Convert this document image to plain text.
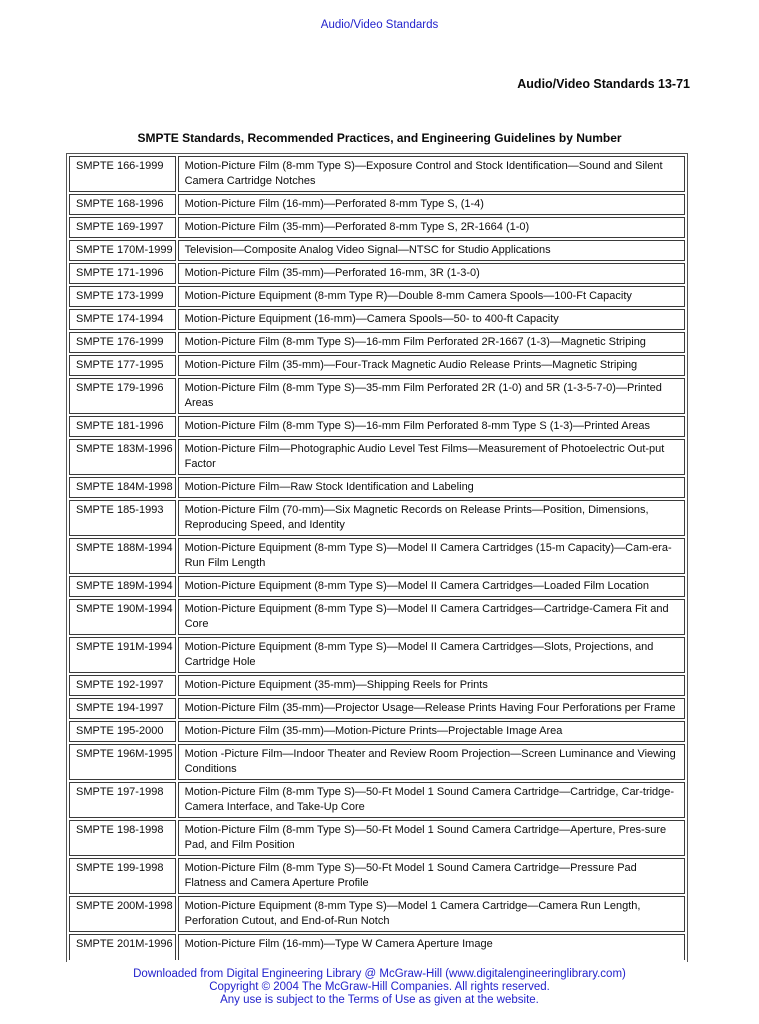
Audio/Video Standards
Audio/Video Standards 13-71
SMPTE Standards, Recommended Practices, and Engineering Guidelines by Number
SMPTE 166-1999	Motion-Picture Film (8-mm Type S)—Exposure Control and Stock Identification—Sound and Silent Camera Cartridge Notches
SMPTE 168-1996	Motion-Picture Film (16-mm)—Perforated 8-mm Type S, (1-4)
SMPTE 169-1997	Motion-Picture Film (35-mm)—Perforated 8-mm Type S, 2R-1664 (1-0)
SMPTE 170M-1999	Television—Composite Analog Video Signal—NTSC for Studio Applications
SMPTE 171-1996	Motion-Picture Film (35-mm)—Perforated 16-mm, 3R (1-3-0)
SMPTE 173-1999	Motion-Picture Equipment (8-mm Type R)—Double 8-mm Camera Spools—100-Ft Capacity
SMPTE 174-1994	Motion-Picture Equipment (16-mm)—Camera Spools—50- to 400-ft Capacity
SMPTE 176-1999	Motion-Picture Film (8-mm Type S)—16-mm Film Perforated 2R-1667 (1-3)—Magnetic Striping
SMPTE 177-1995	Motion-Picture Film (35-mm)—Four-Track Magnetic Audio Release Prints—Magnetic Striping
SMPTE 179-1996	Motion-Picture Film (8-mm Type S)—35-mm Film Perforated 2R (1-0) and 5R (1-3-5-7-0)—Printed Areas
SMPTE 181-1996	Motion-Picture Film (8-mm Type S)—16-mm Film Perforated 8-mm Type S (1-3)—Printed Areas
SMPTE 183M-1996	Motion-Picture Film—Photographic Audio Level Test Films—Measurement of Photoelectric Out-put Factor
SMPTE 184M-1998	Motion-Picture Film—Raw Stock Identification and Labeling
SMPTE 185-1993	Motion-Picture Film (70-mm)—Six Magnetic Records on Release Prints—Position, Dimensions, Reproducing Speed, and Identity
SMPTE 188M-1994	Motion-Picture Equipment (8-mm Type S)—Model II Camera Cartridges (15-m Capacity)—Cam-era-Run Film Length
SMPTE 189M-1994	Motion-Picture Equipment (8-mm Type S)—Model II Camera Cartridges—Loaded Film Location
SMPTE 190M-1994	Motion-Picture Equipment (8-mm Type S)—Model II Camera Cartridges—Cartridge-Camera Fit and Core
SMPTE 191M-1994	Motion-Picture Equipment (8-mm Type S)—Model II Camera Cartridges—Slots, Projections, and Cartridge Hole
SMPTE 192-1997	Motion-Picture Equipment (35-mm)—Shipping Reels for Prints
SMPTE 194-1997	Motion-Picture Film (35-mm)—Projector Usage—Release Prints Having Four Perforations per Frame
SMPTE 195-2000	Motion-Picture Film (35-mm)—Motion-Picture Prints—Projectable Image Area
SMPTE 196M-1995	Motion -Picture Film—Indoor Theater and Review Room Projection—Screen Luminance and Viewing Conditions
SMPTE 197-1998	Motion-Picture Film (8-mm Type S)—50-Ft Model 1 Sound Camera Cartridge—Cartridge, Car-tridge-Camera Interface, and Take-Up Core
SMPTE 198-1998	Motion-Picture Film (8-mm Type S)—50-Ft Model 1 Sound Camera Cartridge—Aperture, Pres-sure Pad, and Film Position
SMPTE 199-1998	Motion-Picture Film (8-mm Type S)—50-Ft Model 1 Sound Camera Cartridge—Pressure Pad Flatness and Camera Aperture Profile
SMPTE 200M-1998	Motion-Picture Equipment (8-mm Type S)—Model 1 Camera Cartridge—Camera Run Length, Perforation Cutout, and End-of-Run Notch
SMPTE 201M-1996	Motion-Picture Film (16-mm)—Type W Camera Aperture Image
Downloaded from Digital Engineering Library @ McGraw-Hill (www.digitalengineeringlibrary.com)
Copyright © 2004 The McGraw-Hill Companies. All rights reserved.
Any use is subject to the Terms of Use as given at the website.
